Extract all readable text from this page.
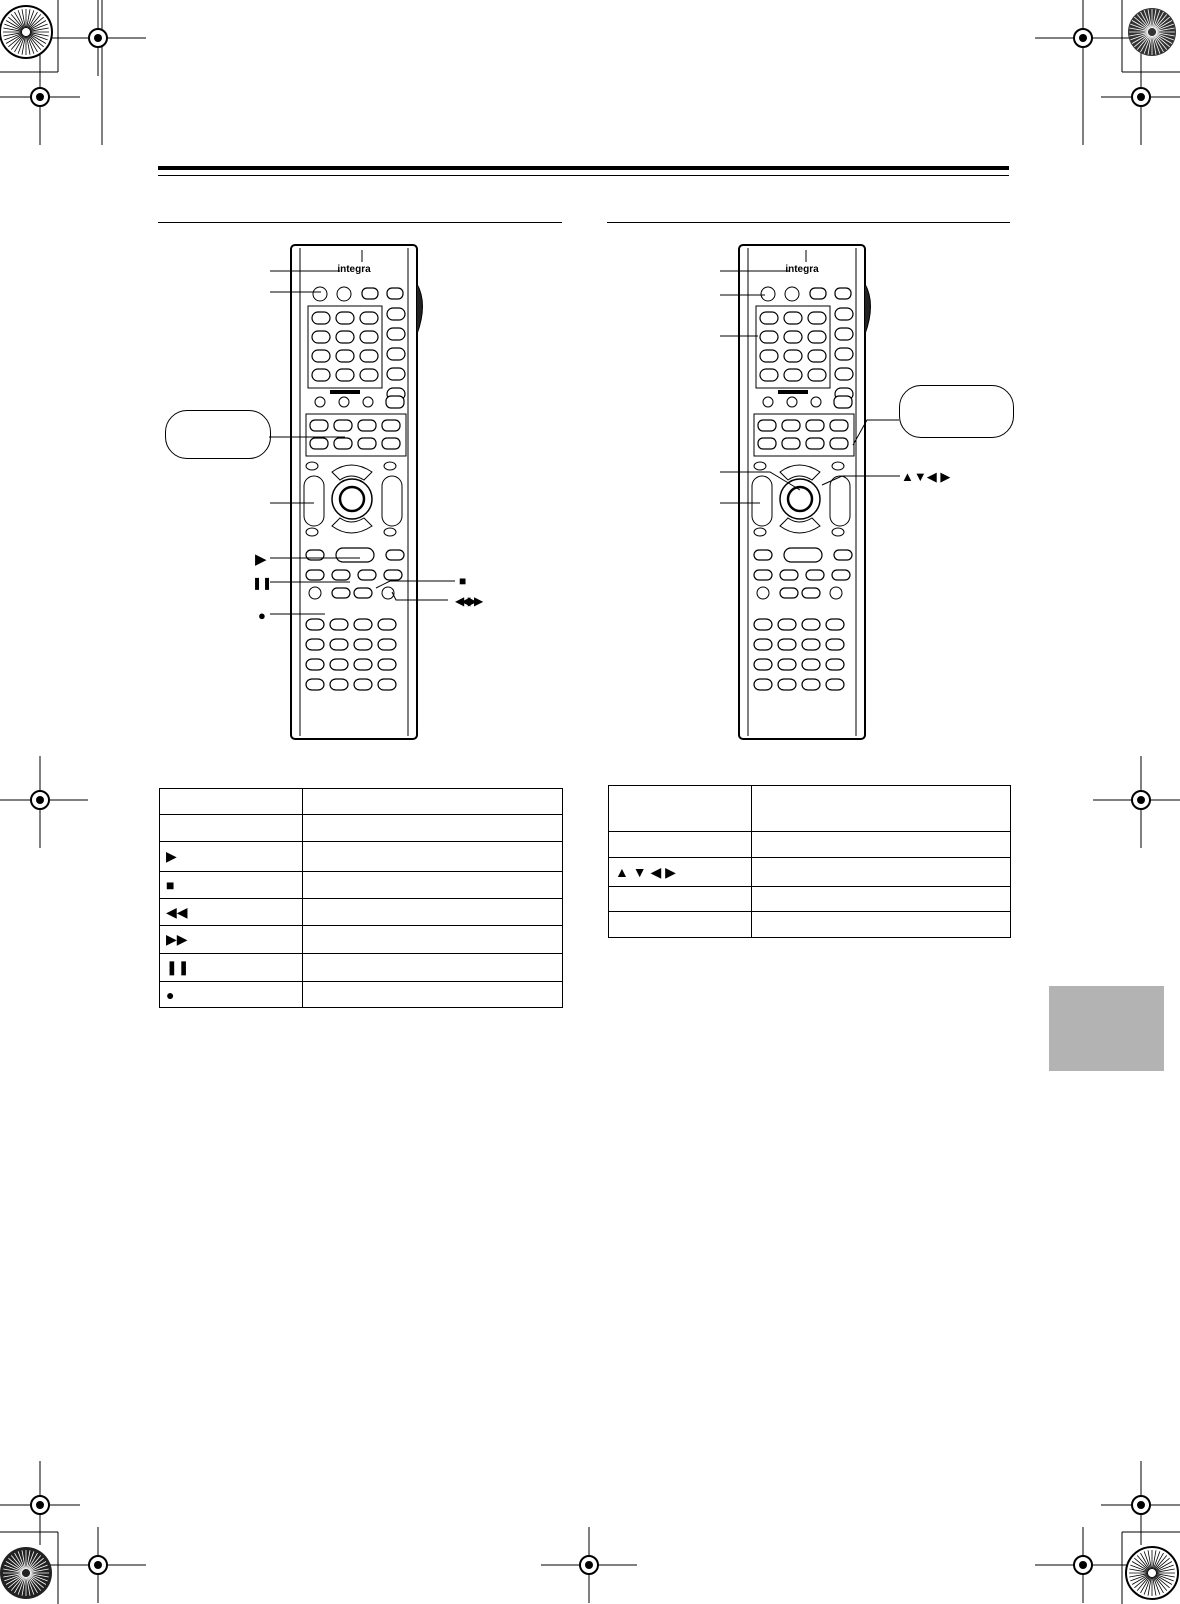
integra	integra
▶
❚❚	■
◀◀ ▶▶
●
▲▼◀ ▶

▶	
■	
◀◀	
▶▶	
❚❚	
●	

▲ ▼ ◀ ▶	
